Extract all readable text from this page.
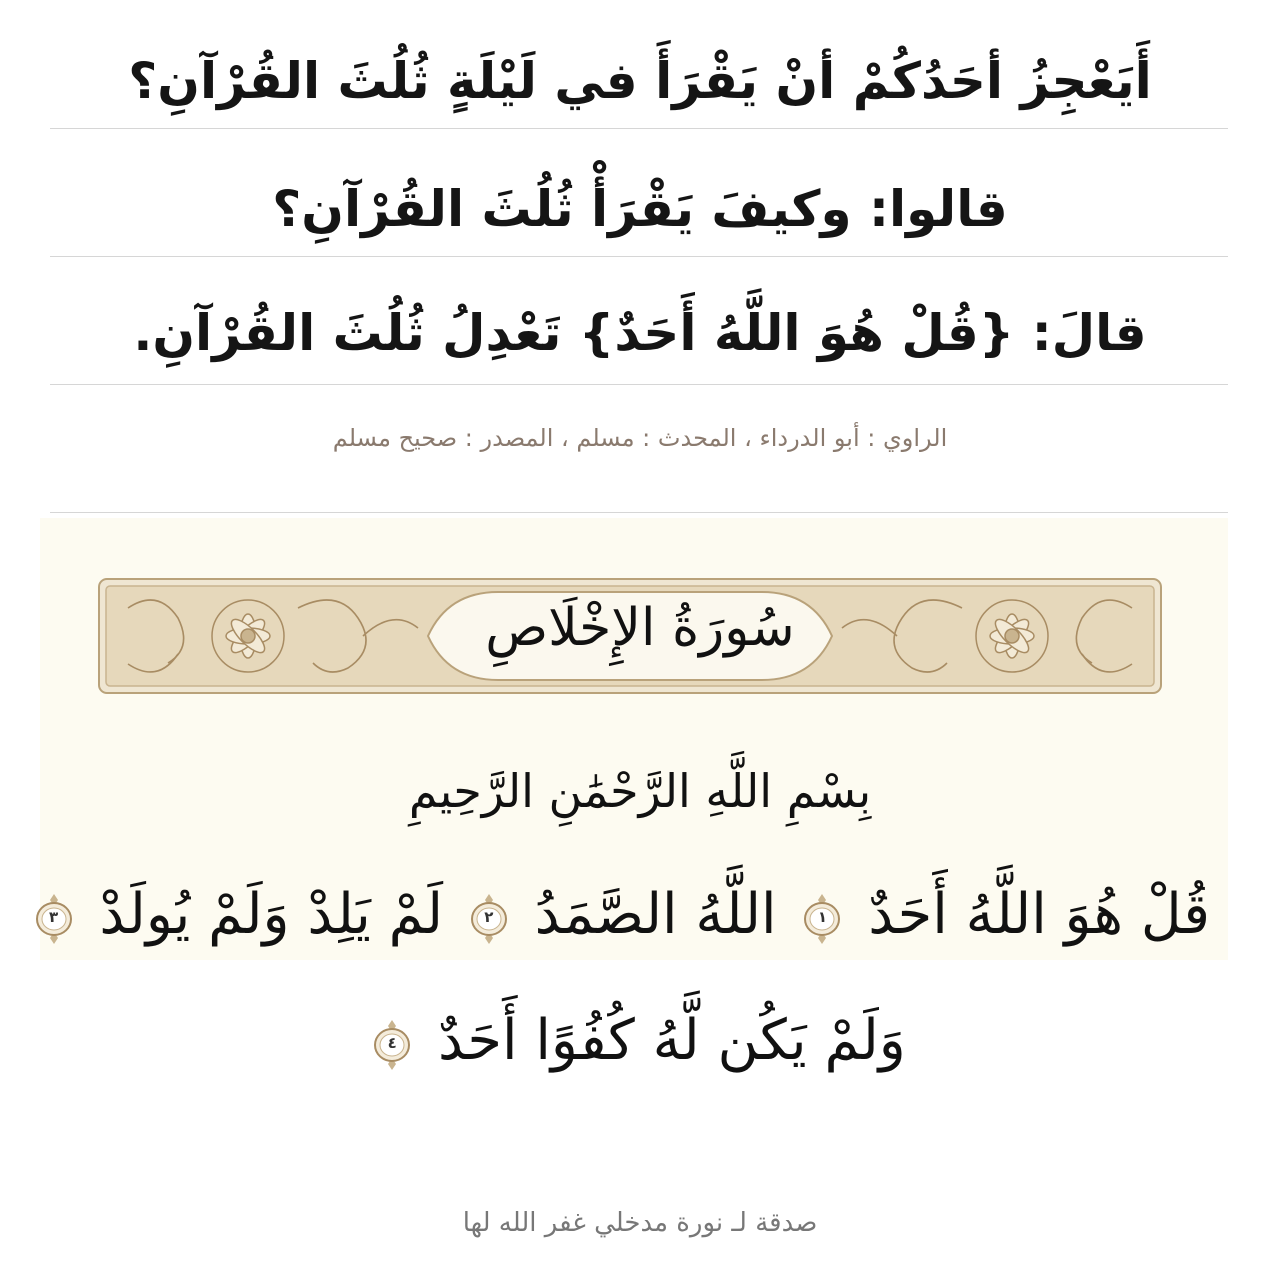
أَيَعْجِزُ أحَدُكُمْ أنْ يَقْرَأَ في لَيْلَةٍ ثُلُثَ القُرْآنِ؟
قالوا: وكيفَ يَقْرَأْ ثُلُثَ القُرْآنِ؟
قالَ: {قُلْ هُوَ اللَّهُ أَحَدٌ} تَعْدِلُ ثُلُثَ القُرْآنِ.
الراوي : أبو الدرداء ، المحدث : مسلم ، المصدر : صحيح مسلم
سُورَةُ الإِخْلَاصِ
بِسْمِ اللَّهِ الرَّحْمَٰنِ الرَّحِيمِ
قُلْ هُوَ اللَّهُ أَحَدٌ
١
اللَّهُ الصَّمَدُ
٢
لَمْ يَلِدْ وَلَمْ يُولَدْ
٣
وَلَمْ يَكُن لَّهُ كُفُوًا أَحَدٌ
٤
صدقة لـ نورة مدخلي غفر الله لها
